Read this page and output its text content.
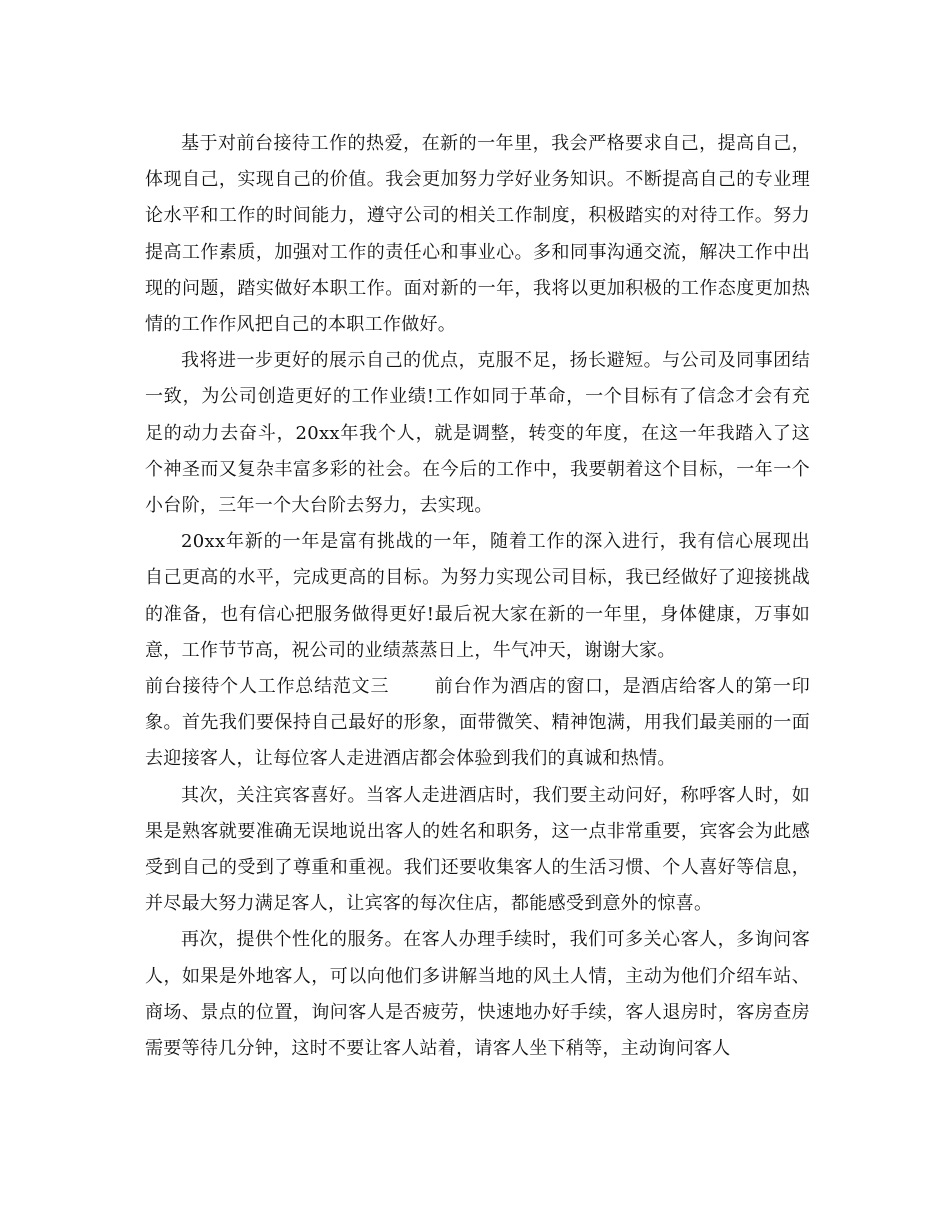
基于对前台接待工作的热爱，在新的一年里，我会严格要求自己，提高自己，体现自己，实现自己的价值。我会更加努力学好业务知识。不断提高自己的专业理论水平和工作的时间能力，遵守公司的相关工作制度，积极踏实的对待工作。努力提高工作素质，加强对工作的责任心和事业心。多和同事沟通交流，解决工作中出现的问题，踏实做好本职工作。面对新的一年，我将以更加积极的工作态度更加热情的工作作风把自己的本职工作做好。

我将进一步更好的展示自己的优点，克服不足，扬长避短。与公司及同事团结一致，为公司创造更好的工作业绩!工作如同于革命，一个目标有了信念才会有充足的动力去奋斗，20xx年我个人，就是调整，转变的年度，在这一年我踏入了这个神圣而又复杂丰富多彩的社会。在今后的工作中，我要朝着这个目标，一年一个小台阶，三年一个大台阶去努力，去实现。

20xx年新的一年是富有挑战的一年，随着工作的深入进行，我有信心展现出自己更高的水平，完成更高的目标。为努力实现公司目标，我已经做好了迎接挑战的准备，也有信心把服务做得更好!最后祝大家在新的一年里，身体健康，万事如意，工作节节高，祝公司的业绩蒸蒸日上，牛气冲天，谢谢大家。

前台接待个人工作总结范文三	前台作为酒店的窗口，是酒店给客人的第一印象。首先我们要保持自己最好的形象，面带微笑、精神饱满，用我们最美丽的一面去迎接客人，让每位客人走进酒店都会体验到我们的真诚和热情。

其次，关注宾客喜好。当客人走进酒店时，我们要主动问好，称呼客人时，如果是熟客就要准确无误地说出客人的姓名和职务，这一点非常重要，宾客会为此感受到自己的受到了尊重和重视。我们还要收集客人的生活习惯、个人喜好等信息，并尽最大努力满足客人，让宾客的每次住店，都能感受到意外的惊喜。

再次，提供个性化的服务。在客人办理手续时，我们可多关心客人，多询问客人，如果是外地客人，可以向他们多讲解当地的风土人情，主动为他们介绍车站、商场、景点的位置，询问客人是否疲劳，快速地办好手续，客人退房时，客房查房需要等待几分钟，这时不要让客人站着，请客人坐下稍等，主动询问客人
